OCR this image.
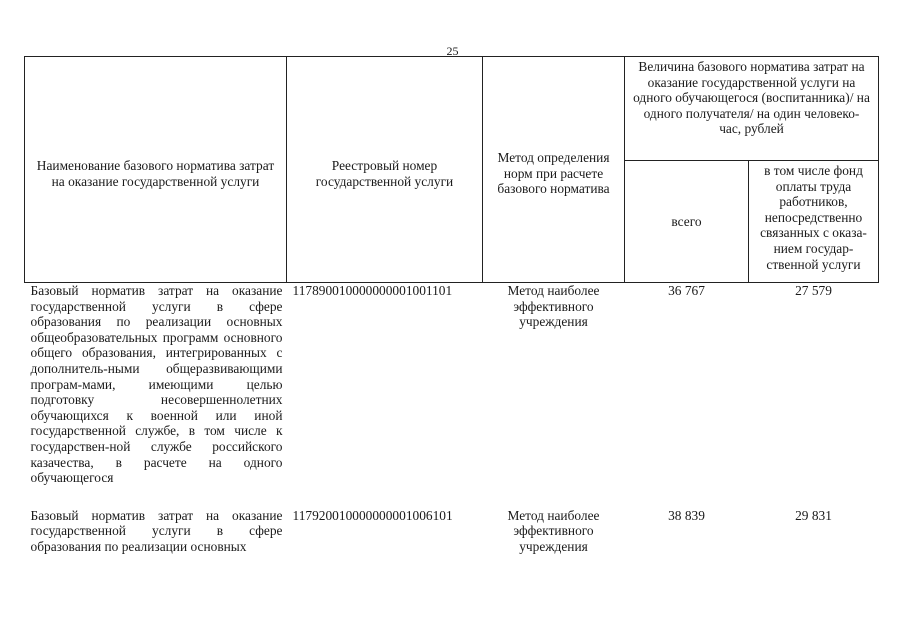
25
Наименование базового норматива затрат на оказание государственной услуги	Реестровый номер государственной услуги	Метод определения норм при расчете базового норматива	Величина базового норматива затрат на оказание государственной услуги на одного обучающегося (воспитанника)/ на одного получателя/ на один человеко-час, рублей	
			всего	в том числе фонд оплаты труда работников, непосредственно связанных с оказа-нием государ-ственной услуги
Базовый норматив затрат на оказание государственной услуги в сфере образования по реализации основных общеобразовательных программ основного общего образования, интегрированных с дополнитель-ными общеразвивающими програм-мами, имеющими целью подготовку несовершеннолетних обучающихся к военной или иной государственной службе, в том числе к государствен-ной службе российского казачества, в расчете на одного обучающегося	117890010000000001001101	Метод наиболее эффективного учреждения	36 767	27 579

Базовый норматив затрат на оказание государственной услуги в сфере образования по реализации основных	117920010000000001006101	Метод наиболее эффективного учреждения	38 839	29 831
